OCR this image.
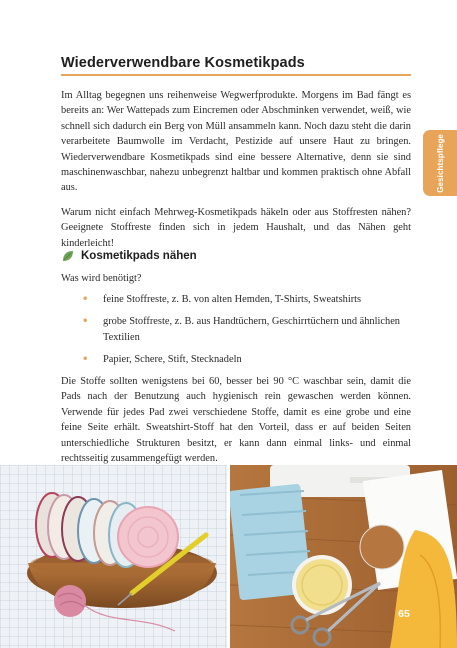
Wiederverwendbare Kosmetikpads

Im Alltag begegnen uns reihenweise Wegwerfprodukte. Morgens im Bad fängt es bereits an: Wer Wattepads zum Eincremen oder Abschminken verwendet, weiß, wie schnell sich dadurch ein Berg von Müll ansammeln kann. Noch dazu steht die darin verarbeitete Baumwolle im Verdacht, Pestizide auf unsere Haut zu bringen. Wiederverwendbare Kosmetikpads sind eine bessere Alternative, denn sie sind maschinenwaschbar, nahezu unbegrenzt haltbar und kommen praktisch ohne Abfall aus.

Warum nicht einfach Mehrweg-Kosmetikpads häkeln oder aus Stoffresten nähen? Geeignete Stoffreste finden sich in jedem Haushalt, und das Nähen geht kinderleicht!

Kosmetikpads nähen

Was wird benötigt?

• feine Stoffreste, z. B. von alten Hemden, T-Shirts, Sweatshirts
• grobe Stoffreste, z. B. aus Handtüchern, Geschirrtüchern und ähnlichen Textilien
• Papier, Schere, Stift, Stecknadeln

Die Stoffe sollten wenigstens bei 60, besser bei 90 °C waschbar sein, damit die Pads nach der Benutzung auch hygienisch rein gewaschen werden können. Verwende für jedes Pad zwei verschiedene Stoffe, damit es eine grobe und eine feine Seite erhält. Sweatshirt-Stoff hat den Vorteil, dass er auf beiden Seiten unterschiedliche Strukturen besitzt, er kann dann einmal links- und einmal rechtsseitig zusammengefügt werden.

Gesichtspflege
65
